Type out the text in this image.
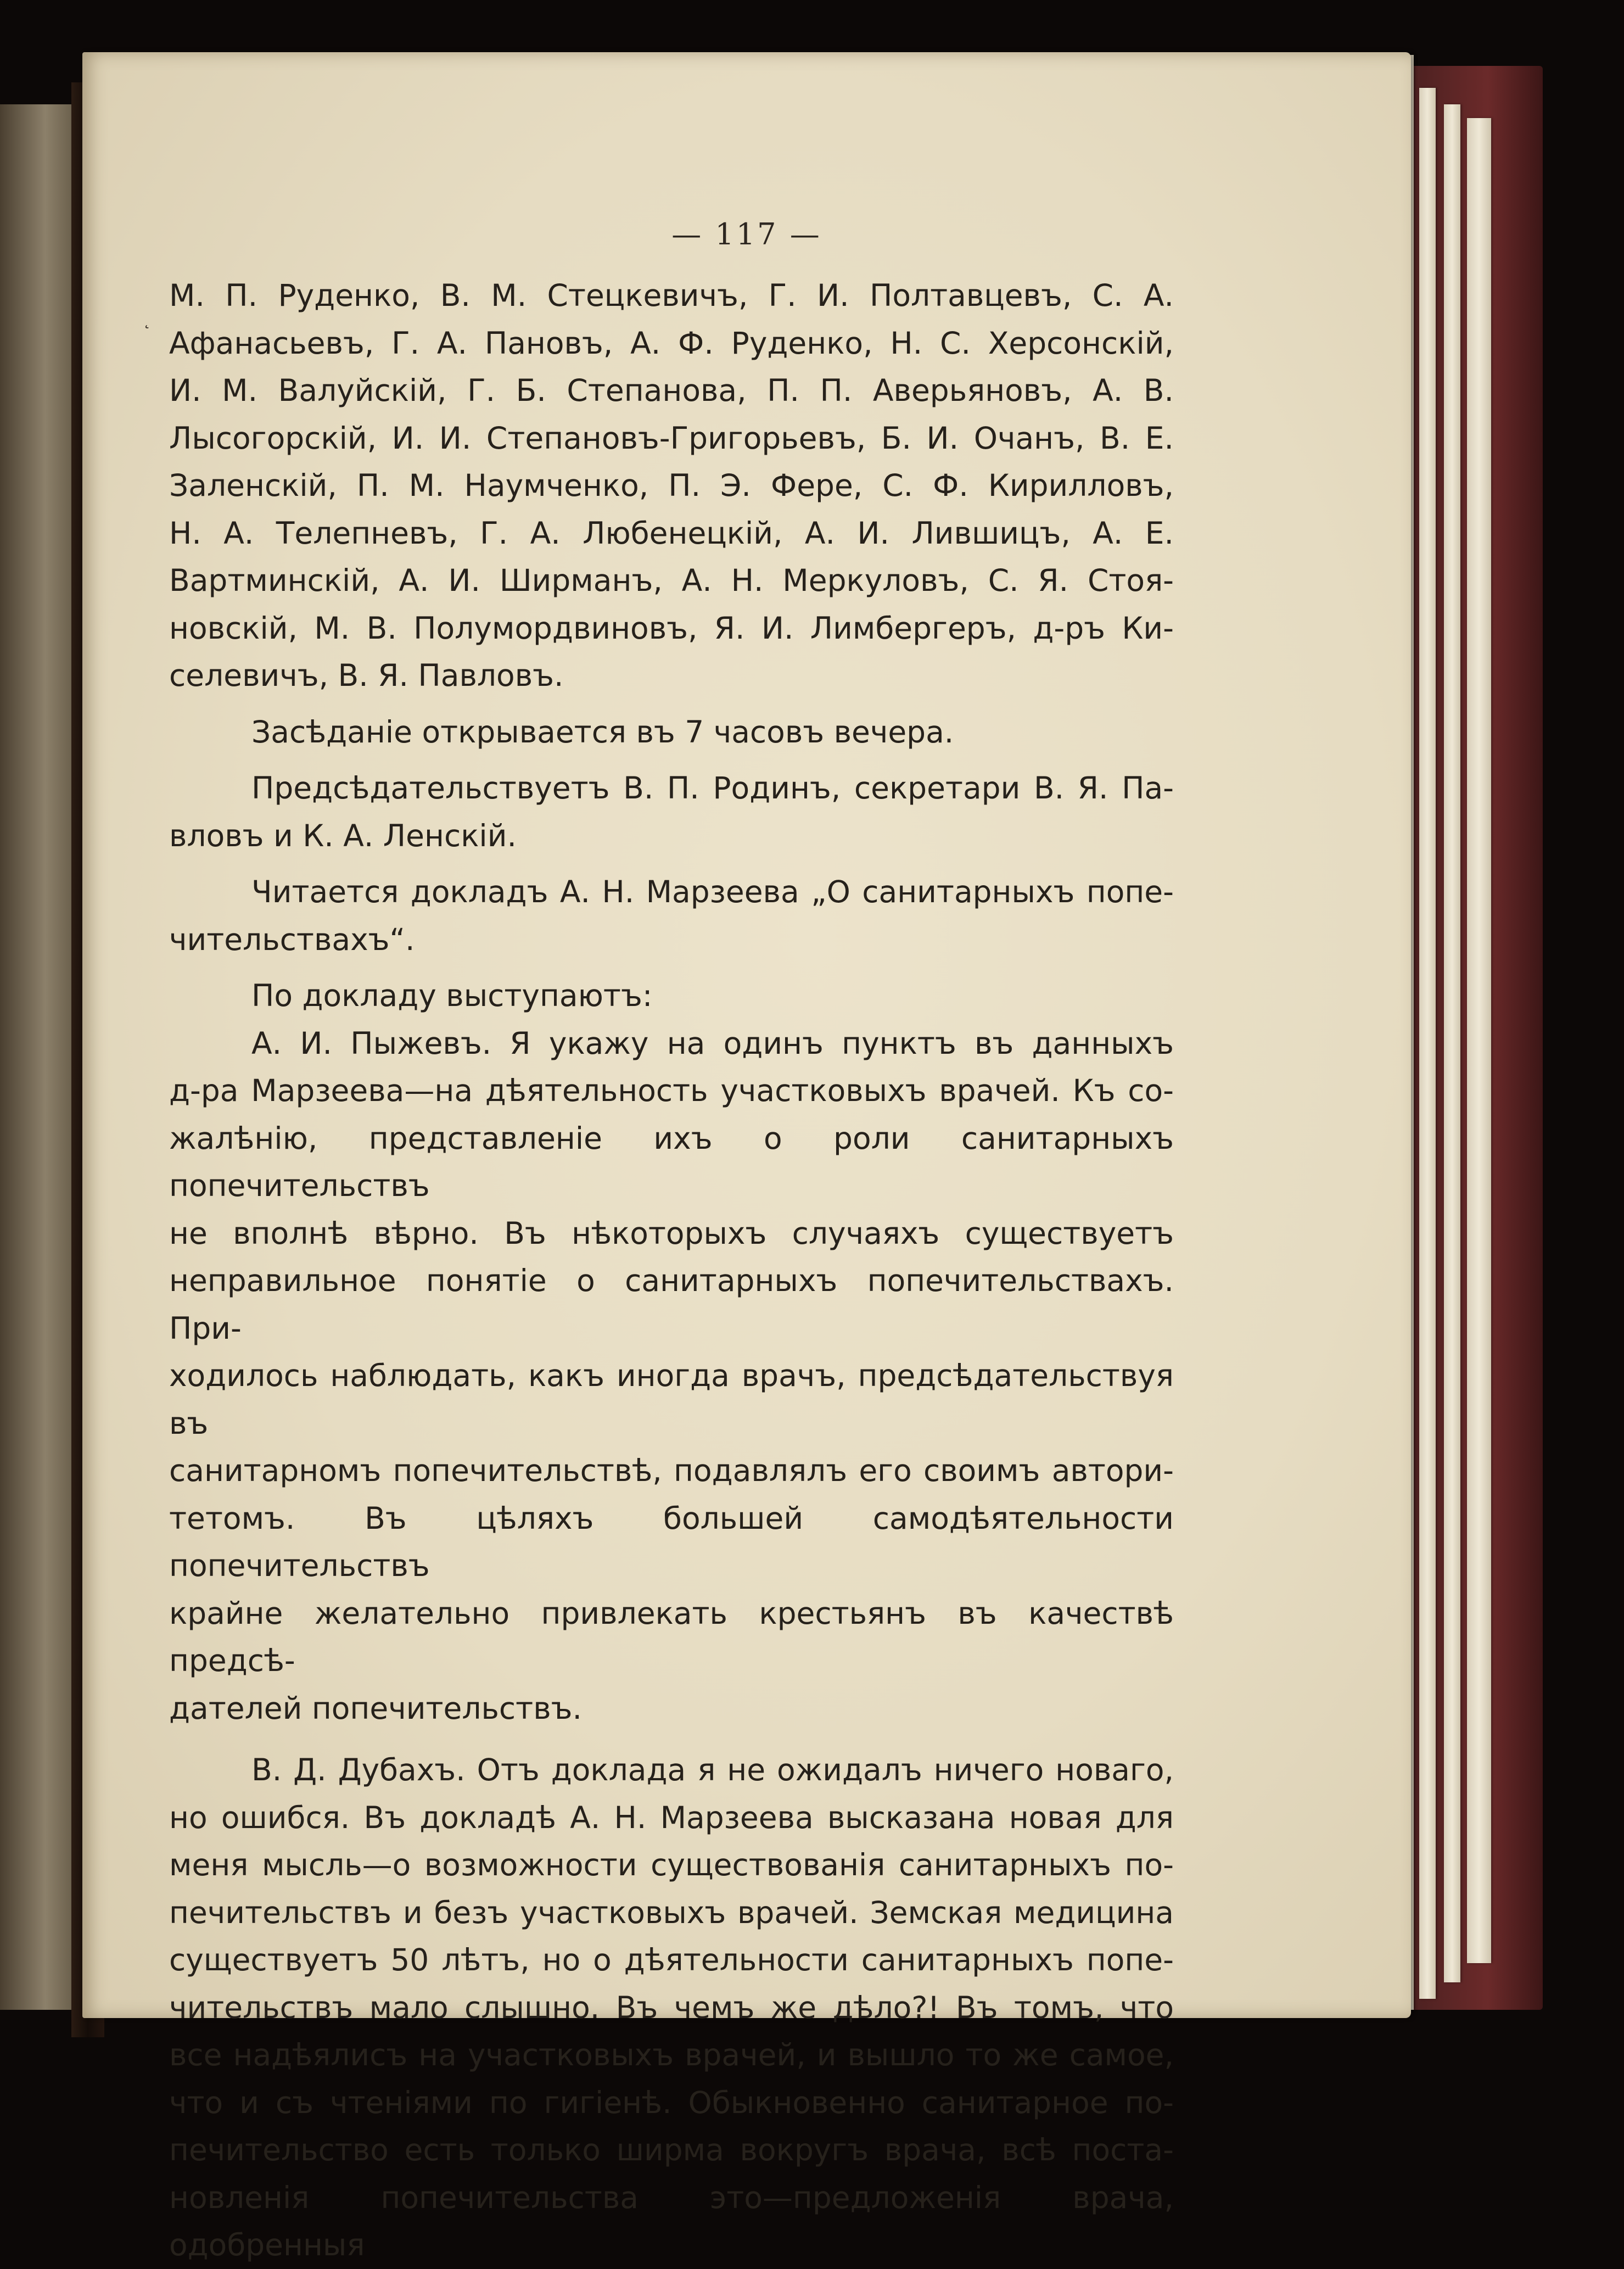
— 117 —
˛

М. П. Руденко, В. М. Стецкевичъ, Г. И. Полтавцевъ, С. А.

Афанасьевъ, Г. А. Пановъ, А. Ф. Руденко, Н. С. Херсонскій,

И. М. Валуйскій, Г. Б. Степанова, П. П. Аверьяновъ, А. В.

Лысогорскій, И. И. Степановъ-Григорьевъ, Б. И. Очанъ, В. Е.

Заленскій, П. М. Наумченко, П. Э. Фере, С. Ф. Кирилловъ,

Н. А. Телепневъ, Г. А. Любенецкій, А. И. Лившицъ, А. Е.

Вартминскій, А. И. Ширманъ, А. Н. Меркуловъ, С. Я. Стоя-

новскій, М. В. Полумордвиновъ, Я. И. Лимбергеръ, д-ръ Ки-

селевичъ, В. Я. Павловъ.

Засѣданіе открывается въ 7 часовъ вечера.

Предсѣдательствуетъ В. П. Родинъ, секретари В. Я. Па-

вловъ и К. А. Ленскій.

Читается докладъ А. Н. Марзеева „О санитарныхъ попе-

чительствахъ“.

По докладу выступаютъ:

А. И. Пыжевъ. Я укажу на одинъ пунктъ въ данныхъ

д-ра Марзеева—на дѣятельность участковыхъ врачей. Къ со-

жалѣнію, представленіе ихъ о роли санитарныхъ попечительствъ

не вполнѣ вѣрно. Въ нѣкоторыхъ случаяхъ существуетъ

неправильное понятіе о санитарныхъ попечительствахъ. При-

ходилось наблюдать, какъ иногда врачъ, предсѣдательствуя въ

санитарномъ попечительствѣ, подавлялъ его своимъ автори-

тетомъ. Въ цѣляхъ большей самодѣятельности попечительствъ

крайне желательно привлекать крестьянъ въ качествѣ предсѣ-

дателей попечительствъ.

В. Д. Дубахъ. Отъ доклада я не ожидалъ ничего новаго,

но ошибся. Въ докладѣ А. Н. Марзеева высказана новая для

меня мысль—о возможности существованія санитарныхъ по-

печительствъ и безъ участковыхъ врачей. Земская медицина

существуетъ 50 лѣтъ, но о дѣятельности санитарныхъ попе-

чительствъ мало слышно. Въ чемъ же дѣло?! Въ томъ, что

все надѣялисъ на участковыхъ врачей, и вышло то же самое,

что и съ чтеніями по гигіенѣ. Обыкновенно санитарное по-

печительство есть только ширма вокругъ врача, всѣ поста-

новленія попечительства это—предложенія врача, одобренныя
